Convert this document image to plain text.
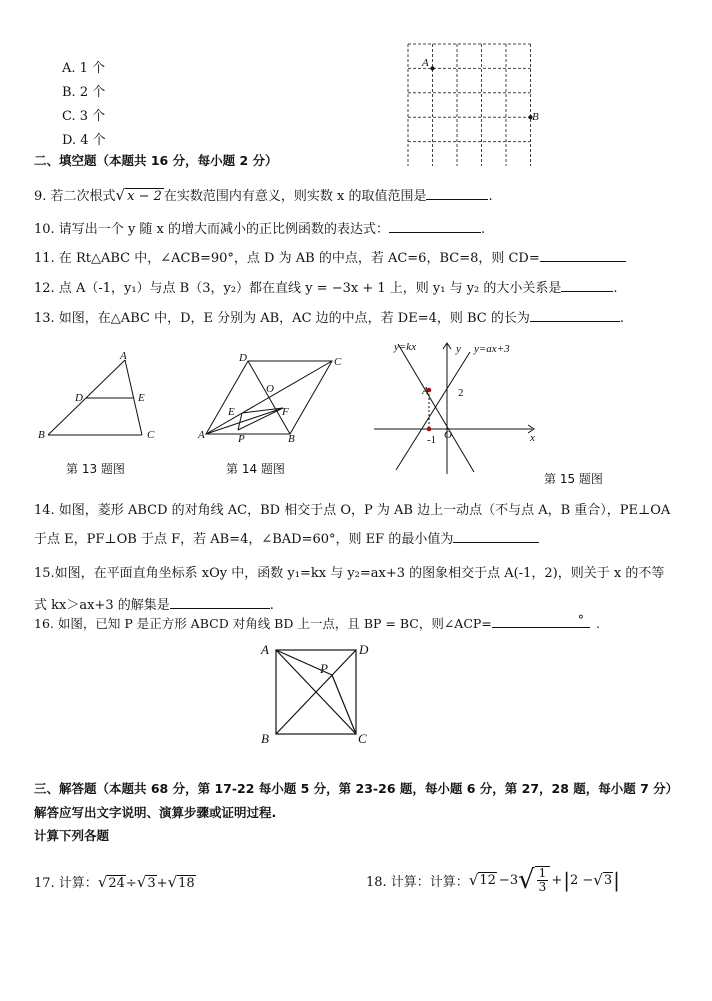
A. 1 个
B. 2 个
C. 3 个
D. 4 个
A
B
二、填空题（本题共 16 分，每小题 2 分）
9. 若二次根式√ x − 2 在实数范围内有意义，则实数 x 的取值范围是	.
10. 请写出一个 y 随 x 的增大而减小的正比例函数的表达式：	.
11. 在 Rt△ABC 中，∠ACB=90°，点 D 为 AB 的中点，若 AC=6，BC=8，则 CD=
12. 点 A（-1，y₁）与点 B（3，y₂）都在直线 y = −3x + 1 上，则 y₁ 与 y₂ 的大小关系是	.
13. 如图，在△ABC 中，D，E 分别为 AB，AC 边的中点，若 DE=4，则 BC 的长为	.
A
D	E
B	C
第 13 题图
D	C
O
E	F
A	P	B
第 14 题图
y=kx	y y=ax+3
A	2
O
-1	x
第 15 题图
14. 如图，菱形 ABCD 的对角线 AC，BD 相交于点 O，P 为 AB 边上一动点（不与点 A，B 重合），PE⊥OA
于点 E，PF⊥OB 于点 F，若 AB=4，∠BAD=60°，则 EF 的最小值为
15.如图，在平面直角坐标系 xOy 中，函数 y₁=kx 与 y₂=ax+3 的图象相交于点 A(-1，2)，则关于 x 的不等
式 kx＞ax+3 的解集是	.
16. 如图，已知 P 是正方形 ABCD 对角线 BD 上一点，且 BP = BC，则∠ACP=	° .
A	D
P
B	C
三、解答题（本题共 68 分，第 17-22 每小题 5 分，第 23-26 题，每小题 6 分，第 27，28 题，每小题 7 分）
解答应写出文字说明、演算步骤或证明过程.
计算下列各题
17. 计算：√24÷√3+√18	18. 计算：计算： √ 12 −3 √ $\frac{1}{3}$ + | 2 − √ 3 |
